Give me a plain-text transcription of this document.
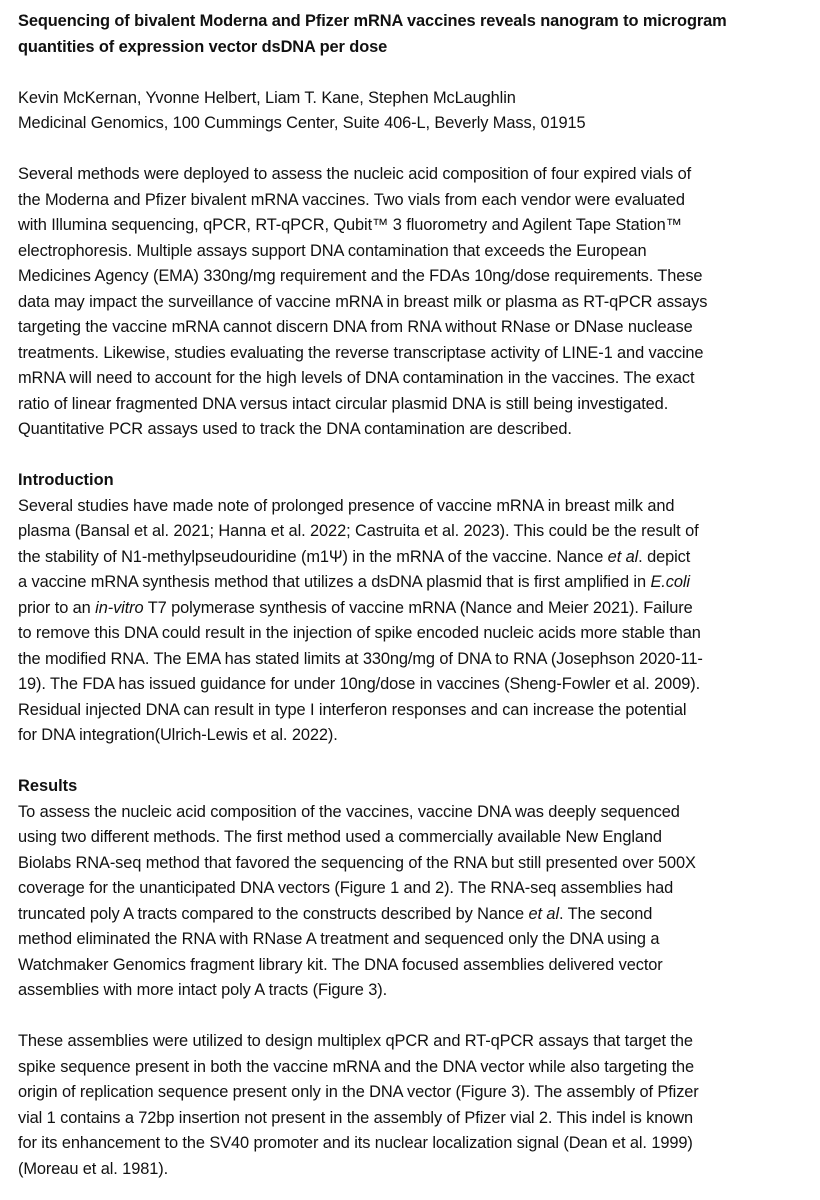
Sequencing of bivalent Moderna and Pfizer mRNA vaccines reveals nanogram to microgram
quantities of expression vector dsDNA per dose
Kevin McKernan, Yvonne Helbert, Liam T. Kane, Stephen McLaughlin
Medicinal Genomics, 100 Cummings Center, Suite 406-L, Beverly Mass, 01915
Several methods were deployed to assess the nucleic acid composition of four expired vials of
the Moderna and Pfizer bivalent mRNA vaccines. Two vials from each vendor were evaluated
with Illumina sequencing, qPCR, RT-qPCR, Qubit™ 3 fluorometry and Agilent Tape Station™
electrophoresis. Multiple assays support DNA contamination that exceeds the European
Medicines Agency (EMA) 330ng/mg requirement and the FDAs 10ng/dose requirements. These
data may impact the surveillance of vaccine mRNA in breast milk or plasma as RT-qPCR assays
targeting the vaccine mRNA cannot discern DNA from RNA without RNase or DNase nuclease
treatments. Likewise, studies evaluating the reverse transcriptase activity of LINE-1 and vaccine
mRNA will need to account for the high levels of DNA contamination in the vaccines. The exact
ratio of linear fragmented DNA versus intact circular plasmid DNA is still being investigated.
Quantitative PCR assays used to track the DNA contamination are described.
Introduction
Several studies have made note of prolonged presence of vaccine mRNA in breast milk and
plasma (Bansal et al. 2021; Hanna et al. 2022; Castruita et al. 2023). This could be the result of
the stability of N1-methylpseudouridine (m1Ψ) in the mRNA of the vaccine. Nance et al. depict
a vaccine mRNA synthesis method that utilizes a dsDNA plasmid that is first amplified in E.coli
prior to an in-vitro T7 polymerase synthesis of vaccine mRNA (Nance and Meier 2021). Failure
to remove this DNA could result in the injection of spike encoded nucleic acids more stable than
the modified RNA. The EMA has stated limits at 330ng/mg of DNA to RNA (Josephson 2020-11-
19). The FDA has issued guidance for under 10ng/dose in vaccines (Sheng-Fowler et al. 2009).
Residual injected DNA can result in type I interferon responses and can increase the potential
for DNA integration(Ulrich-Lewis et al. 2022).
Results
To assess the nucleic acid composition of the vaccines, vaccine DNA was deeply sequenced
using two different methods. The first method used a commercially available New England
Biolabs RNA-seq method that favored the sequencing of the RNA but still presented over 500X
coverage for the unanticipated DNA vectors (Figure 1 and 2). The RNA-seq assemblies had
truncated poly A tracts compared to the constructs described by Nance et al. The second
method eliminated the RNA with RNase A treatment and sequenced only the DNA using a
Watchmaker Genomics fragment library kit. The DNA focused assemblies delivered vector
assemblies with more intact poly A tracts (Figure 3).
These assemblies were utilized to design multiplex qPCR and RT-qPCR assays that target the
spike sequence present in both the vaccine mRNA and the DNA vector while also targeting the
origin of replication sequence present only in the DNA vector (Figure 3). The assembly of Pfizer
vial 1 contains a 72bp insertion not present in the assembly of Pfizer vial 2. This indel is known
for its enhancement to the SV40 promoter and its nuclear localization signal (Dean et al. 1999)
(Moreau et al. 1981).
